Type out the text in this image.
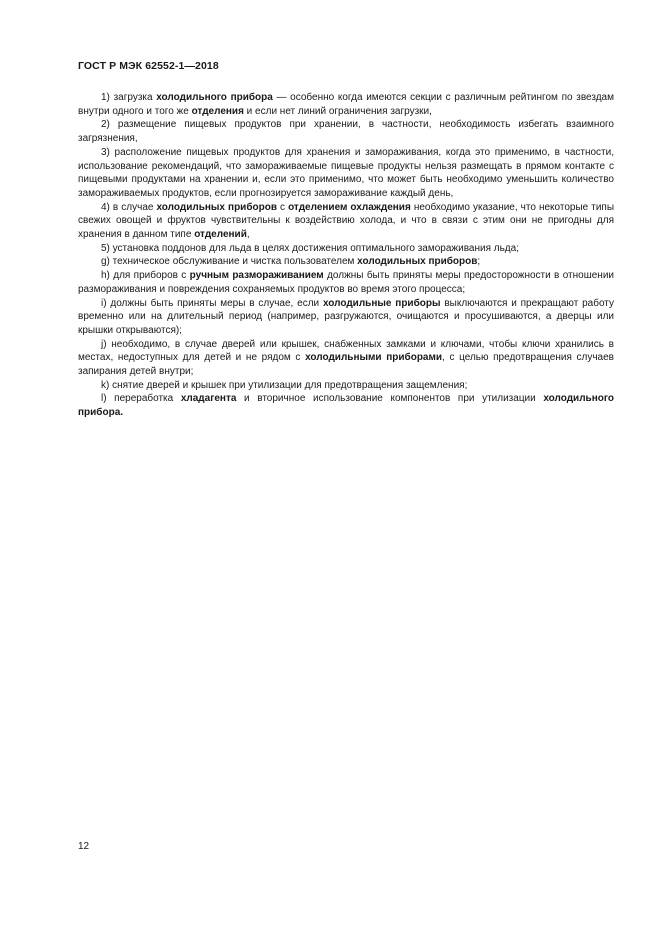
ГОСТ Р МЭК 62552-1—2018

1) загрузка холодильного прибора — особенно когда имеются секции с различным рейтингом по звездам внутри одного и того же отделения и если нет линий ограничения загрузки,

2) размещение пищевых продуктов при хранении, в частности, необходимость избегать взаимного загрязнения,

3) расположение пищевых продуктов для хранения и замораживания, когда это применимо, в частности, использование рекомендаций, что замораживаемые пищевые продукты нельзя размещать в прямом контакте с пищевыми продуктами на хранении и, если это применимо, что может быть необходимо уменьшить количество замораживаемых продуктов, если прогнозируется замораживание каждый день,

4) в случае холодильных приборов с отделением охлаждения необходимо указание, что некоторые типы свежих овощей и фруктов чувствительны к воздействию холода, и что в связи с этим они не пригодны для хранения в данном типе отделений,

5) установка поддонов для льда в целях достижения оптимального замораживания льда;

g) техническое обслуживание и чистка пользователем холодильных приборов;

h) для приборов с ручным размораживанием должны быть приняты меры предосторожности в отношении размораживания и повреждения сохраняемых продуктов во время этого процесса;

i) должны быть приняты меры в случае, если холодильные приборы выключаются и прекращают работу временно или на длительный период (например, разгружаются, очищаются и просушиваются, а дверцы или крышки открываются);

j) необходимо, в случае дверей или крышек, снабженных замками и ключами, чтобы ключи хранились в местах, недоступных для детей и не рядом с холодильными приборами, с целью предотвращения случаев запирания детей внутри;

k) снятие дверей и крышек при утилизации для предотвращения защемления;

l) переработка хладагента и вторичное использование компонентов при утилизации холодильного прибора.

12
